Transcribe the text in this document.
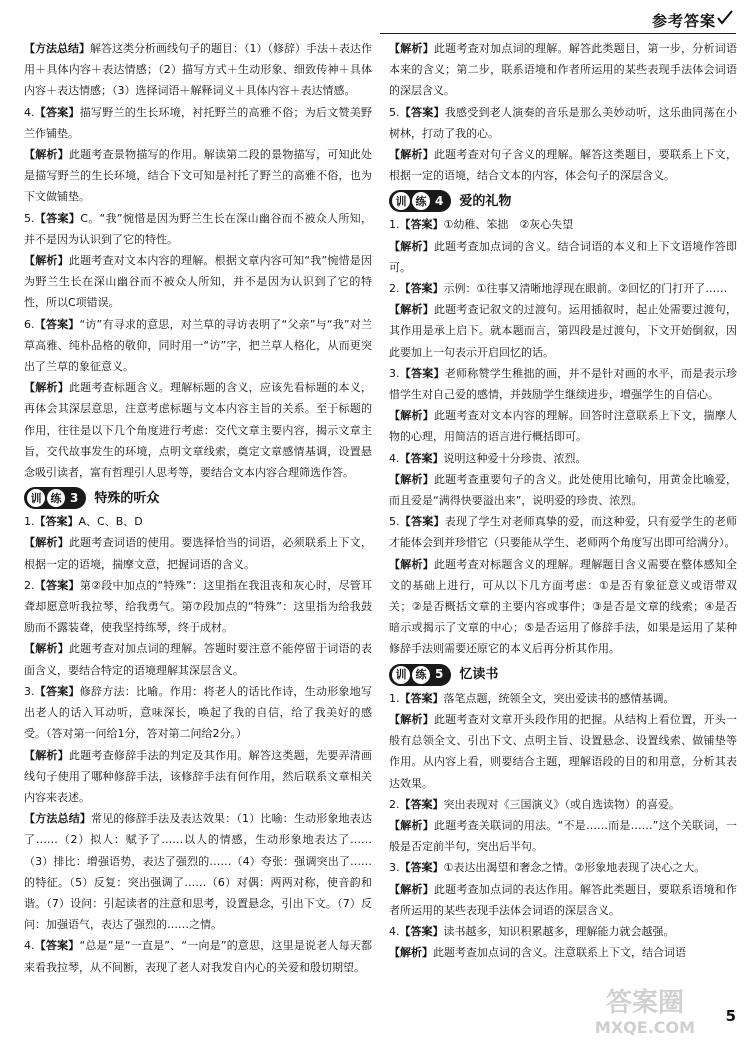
参考答案

【方法总结】解答这类分析画线句子的题目：（1）（修辞）手法＋表达作用＋具体内容＋表达情感；（2）描写方式＋生动形象、细致传神＋具体内容＋表达情感；（3）选择词语＋解释词义＋具体内容＋表达情感。

4.【答案】描写野兰的生长环境，衬托野兰的高雅不俗；为后文赞美野兰作铺垫。

【解析】此题考查景物描写的作用。解读第二段的景物描写，可知此处是描写野兰的生长环境，结合下文可知是衬托了野兰的高雅不俗，也为下文做铺垫。

5.【答案】C。“我”惋惜是因为野兰生长在深山幽谷而不被众人所知，并不是因为认识到了它的特性。

【解析】此题考查对文本内容的理解。根据文章内容可知“我”惋惜是因为野兰生长在深山幽谷而不被众人所知，并不是因为认识到了它的特性，所以C项错误。

6.【答案】“访”有寻求的意思，对兰草的寻访表明了“父亲”与“我”对兰草高雅、纯朴品格的敬仰，同时用一“访”字，把兰草人格化，从而更突出了兰草的象征意义。

【解析】此题考查标题含义。理解标题的含义，应该先看标题的本义，再体会其深层意思，注意考虑标题与文本内容主旨的关系。至于标题的作用，往往是以下几个角度进行考虑：交代文章主要内容，揭示文章主旨，交代故事发生的环境，点明文章线索，奠定文章感情基调，设置悬念吸引读者，富有哲理引人思考等，要结合文本内容合理筛选作答。

训 练 3	特殊的听众

1.【答案】A、C、B、D

【解析】此题考查词语的使用。要选择恰当的词语，必须联系上下文，根据一定的语境，揣摩文意，把握词语的含义。

2.【答案】第②段中加点的“特殊”：这里指在我沮丧和灰心时，尽管耳聋却愿意听我拉琴，给我勇气。第⑦段加点的“特殊”：这里指为给我鼓励而不露装聋，使我坚持练琴，终于成材。

【解析】此题考查对加点词的理解。答题时要注意不能停留于词语的表面含义，要结合特定的语境理解其深层含义。

3.【答案】修辞方法：比喻。作用：将老人的话比作诗，生动形象地写出老人的话入耳动听，意味深长，唤起了我的自信，给了我美好的感受。（答对第一问给1分，答对第二问给2分。）

【解析】此题考查修辞手法的判定及其作用。解答这类题，先要弄清画线句子使用了哪种修辞手法，该修辞手法有何作用，然后联系文章相关内容来表述。

【方法总结】常见的修辞手法及表达效果：（1）比喻：生动形象地表达了……（2）拟人：赋予了……以人的情感，生动形象地表达了……（3）排比：增强语势，表达了强烈的……（4）夸张：强调突出了……的特征。（5）反复：突出强调了……（6）对偶：两两对称，使音韵和谐。（7）设问：引起读者的注意和思考，设置悬念，引出下文。（7）反问：加强语气，表达了强烈的……之情。

4.【答案】“总是”是“一直是”、“一向是”的意思，这里是说老人每天都来看我拉琴，从不间断，表现了老人对我发自内心的关爱和殷切期望。

【解析】此题考查对加点词的理解。解答此类题目，第一步，分析词语本来的含义；第二步，联系语境和作者所运用的某些表现手法体会词语的深层含义。

5.【答案】我感受到老人演奏的音乐是那么美妙动听，这乐曲同荡在小树林，打动了我的心。

【解析】此题考查对句子含义的理解。解答这类题目，要联系上下文，根据一定的语境，结合文本的内容，体会句子的深层含义。

训 练 4	爱的礼物

1.【答案】①幼稚、笨拙　②灰心失望

【解析】此题考查加点词的含义。结合词语的本义和上下文语境作答即可。

2.【答案】示例：①往事又清晰地浮现在眼前。②回忆的门打开了……

【解析】此题考查记叙文的过渡句。运用插叙时，起止处需要过渡句，其作用是承上启下。就本题而言，第四段是过渡句，下文开始倒叙，因此要加上一句表示开启回忆的话。

3.【答案】老师称赞学生稚拙的画，并不是针对画的水平，而是表示珍惜学生对自己爱的感情，并鼓励学生继续进步，增强学生的自信心。

【解析】此题考查对文本内容的理解。回答时注意联系上下文，揣摩人物的心理，用简洁的语言进行概括即可。

4.【答案】说明这种爱十分珍贵、浓烈。

【解析】此题考查重要句子的含义。此处使用比喻句，用黄金比喻爱，而且爱是“满得快要溢出来”，说明爱的珍贵、浓烈。

5.【答案】表现了学生对老师真挚的爱，而这种爱，只有爱学生的老师才能体会到并珍惜它（只要能从学生、老师两个角度写出即可给满分）。

【解析】此题考查对标题含义的理解。理解题目含义需要在整体感知全文的基础上进行，可从以下几方面考虑：①是否有象征意义或语带双关；②是否概括文章的主要内容或事件；③是否是文章的线索；④是否暗示或揭示了文章的中心；⑤是否运用了修辞手法，如果是运用了某种修辞手法则需要还原它的本义后再分析其作用。

训 练 5	忆读书

1.【答案】落笔点题，统领全文，突出爱读书的感情基调。

【解析】此题考查对文章开头段作用的把握。从结构上看位置，开头一般有总领全文、引出下文、点明主旨、设置悬念、设置线索、做铺垫等作用。从内容上看，则要结合主题，理解语段的目的和用意，分析其表达效果。

2.【答案】突出表现对《三国演义》（或自选读物）的喜爱。

【解析】此题考查关联词的用法。“不是……而是……”这个关联词，一般是否定前半句，突出后半句。

3.【答案】①表达出渴望和奢念之情。②形象地表现了决心之大。

【解析】此题考查加点词的表达作用。解答此类题目，要联系语境和作者所运用的某些表现手法体会词语的深层含义。

4.【答案】读书越多，知识积累越多，理解能力就会越强。

【解析】此题考查加点词的含义。注意联系上下文，结合词语

答案圈
MXQE.COM
5
